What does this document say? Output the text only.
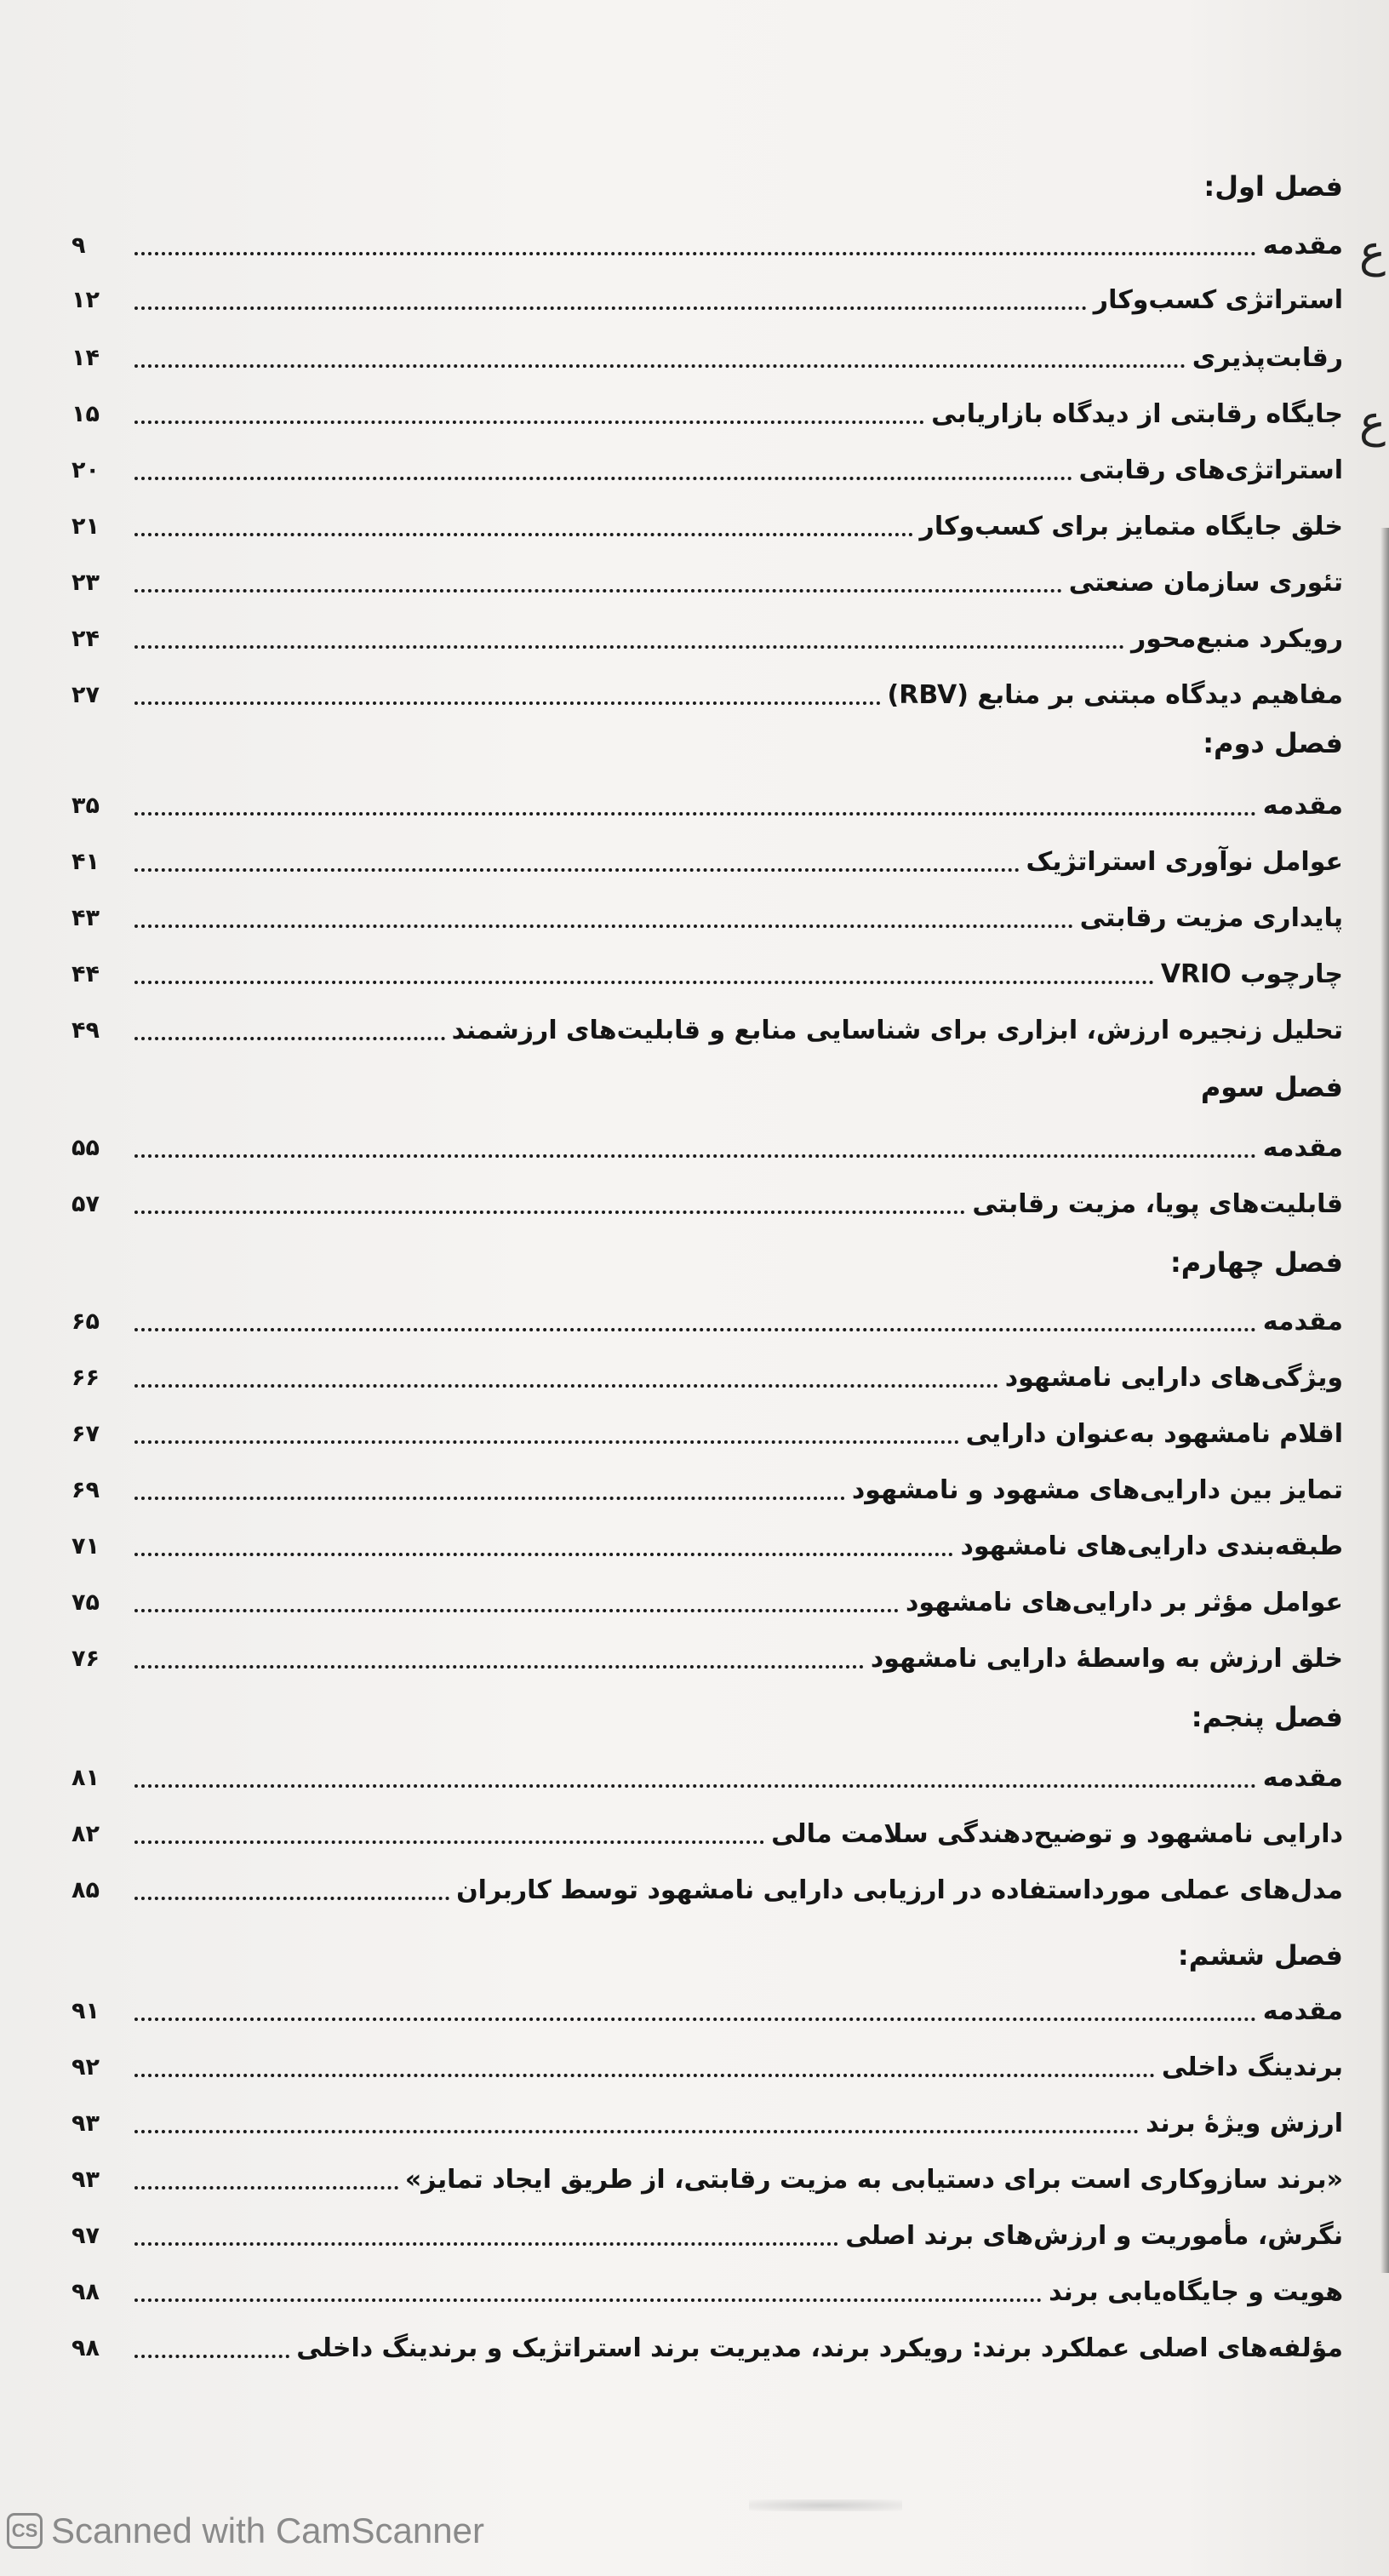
ع
ع
فصل اول:
مقدمه
۹
استراتژی کسب‌وکار
۱۲
رقابت‌پذیری
۱۴
جایگاه رقابتی از دیدگاه بازاریابی
۱۵
استراتژی‌های رقابتی
۲۰
خلق جایگاه متمایز برای کسب‌وکار
۲۱
تئوری سازمان صنعتی
۲۳
رویکرد منبع‌محور
۲۴
مفاهیم دیدگاه مبتنی بر منابع (RBV)
۲۷
فصل دوم:
مقدمه
۳۵
عوامل نوآوری استراتژیک
۴۱
پایداری مزیت رقابتی
۴۳
چارچوب VRIO
۴۴
تحلیل زنجیره ارزش، ابزاری برای شناسایی منابع و قابلیت‌های ارزشمند
۴۹
فصل سوم
مقدمه
۵۵
قابلیت‌های پویا، مزیت رقابتی
۵۷
فصل چهارم:
مقدمه
۶۵
ویژگی‌های دارایی نامشهود
۶۶
اقلام نامشهود به‌عنوان دارایی
۶۷
تمایز بین دارایی‌های مشهود و نامشهود
۶۹
طبقه‌بندی دارایی‌های نامشهود
۷۱
عوامل مؤثر بر دارایی‌های نامشهود
۷۵
خلق ارزش به واسطهٔ دارایی نامشهود
۷۶
فصل پنجم:
مقدمه
۸۱
دارایی نامشهود و توضیح‌دهندگی سلامت مالی
۸۲
مدل‌های عملی مورداستفاده در ارزیابی دارایی نامشهود توسط کاربران
۸۵
فصل ششم:
مقدمه
۹۱
برندینگ داخلی
۹۲
ارزش ویژهٔ برند
۹۳
«برند سازوکاری است برای دستیابی به مزیت رقابتی، از طریق ایجاد تمایز»
۹۳
نگرش، مأموریت و ارزش‌های برند اصلی
۹۷
هویت و جایگاه‌یابی برند
۹۸
مؤلفه‌های اصلی عملکرد برند: رویکرد برند، مدیریت برند استراتژیک و برندینگ داخلی
۹۸
CS Scanned with CamScanner
